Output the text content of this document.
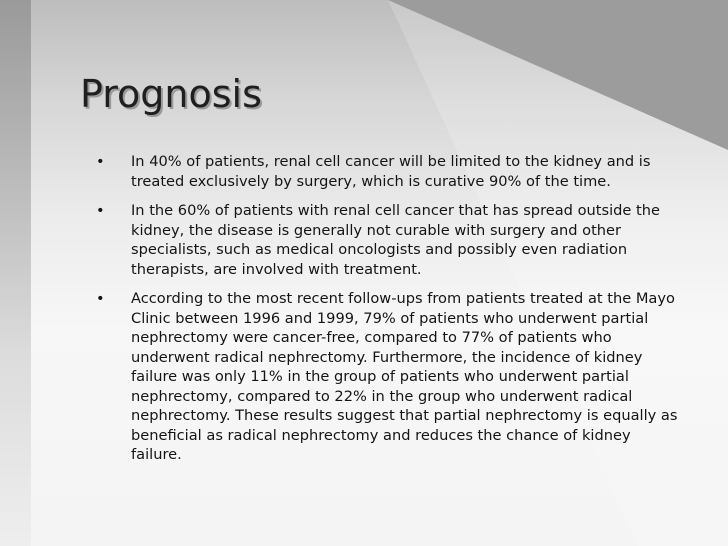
Prognosis
• In 40% of patients, renal cell cancer will be limited to the kidney and is treated exclusively by surgery, which is curative 90% of the time.
• In the 60% of patients with renal cell cancer that has spread outside the kidney, the disease is generally not curable with surgery and other specialists, such as medical oncologists and possibly even radiation therapists, are involved with treatment.
• According to the most recent follow-ups from patients treated at the Mayo Clinic between 1996 and 1999, 79% of patients who underwent partial nephrectomy were cancer-free, compared to 77% of patients who underwent radical nephrectomy. Furthermore, the incidence of kidney failure was only 11% in the group of patients who underwent partial nephrectomy, compared to 22% in the group who underwent radical nephrectomy. These results suggest that partial nephrectomy is equally as beneficial as radical nephrectomy and reduces the chance of kidney failure.
